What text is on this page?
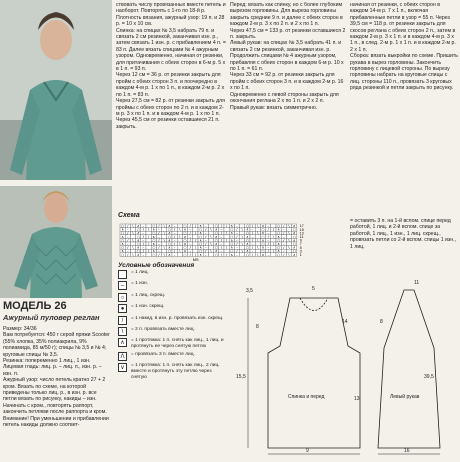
МОДЕЛЬ 26
Ажурный пуловер реглан
Размер: 34/36
Вам потребуется: 450 г серой пряжи Scooter (55% хлопка, 35% полиакрила, 9% полиамида, 85 м/50 г); спицы № 3,5 и № 4; круговые спицы № 3,5.
Резинка: попеременно 1 лиц., 1 изн.
Лицевая гладь: лиц. р. – лиц. п., изн. р. – изн. п.
Ажурный узор: число петель кратно 27 + 2 кром. Вязать по схеме, на которой приведены только лиц. р., в изн. р. все петли вязать по рисунку, накиды – изн. Начинать с кром., повторять раппорт, закончить петлями после раппорта и кром.
Внимание! При уменьшении и прибавлении петель накиды должно соответ-
ствовать числу провязанных вместе петель и наоборот. Повторять с 1-го по 18-й р.
Плотность вязания, ажурный узор: 19 п. и 28 р. = 10 х 10 см.
Спинка: на спицах № 3,5 набрать 79 п. и связать 2 см резинкой, заканчивая изн. р., затем связать 1 изн. р. с прибавлением 4 п. = 83 п. Далее вязать спицами № 4 ажурным узором. Одновременно, начиная от резинки, для притачивания с обеих сторон в 6-м р. 5 х в 1 п. = 93 п.
Через 12 см = 36 р. от резинки закрыть для пройм с обеих сторон 3 п. и поочередно в каждом 4-м р. 1 х по 1 п., в каждом 2-м р. 2 х по 1 п. = 83 п.
Через 27,5 см = 82 р. от резинки закрыть для проймы с обеих сторон по 2 п. и в каждом 2-м р. 3 х по 1 п. и в каждом 4-м р. 1 х по 1 п.
Через 45,5 см от резинки оставшиеся 21 п. закрыть.
Перед: вязать как спинку, но с более глубоким вырезом горловины. Для выреза горловины закрыть средние 9 п. и далее с обеих сторон в каждом 2-м р. 3 х по 2 п. и 2 х по 1 п.
Через 47,5 см = 133 р. от резинки оставшиеся 2 п. закрыть.
Левый рукав: на спицах № 3,5 набрать 41 п. и связать 2 см резинкой, заканчивая изн. р. Продолжить спицами № 4 ажурным узором, прибавляя с обеих сторон в каждом 6-м р. 10 х по 1 п. = 61 п.
Через 33 см = 92 р. от резинки закрыть для пройм с обеих сторон 3 п. и в каждом 2-м р. 16 х по 1 п.
Одновременно с левой стороны закрыть для окончания реглана 2 х по 1 п. и 2 х 2 п.
Правый рукав: вязать симметрично.
начиная от резинки, с обеих сторон в каждом 14-м р. 7 х 1 п., включая прибавленные петли в узор = 55 п. Через 39,5 см = 118 р. от резинки закрыть для скосов реглана с обеих сторон 2 п., затем в каждом 2-м р. 3 х 1 п. и в каждом 4-м р. 3 х 1 п., в след. 2-м р. 1 х 1 п. и в каждом 2-м р. 2 х 1 п.
Сборка: вязать выкройки по схеме. Пришить рукава в вырез горловины. Закончить горловину с лицевой стороны. По вырезу горловины набрать на круговые спицы с лиц. стороны 110 п., провязать 3 круговых ряда резинкой и петли закрыть по рисунку.
Схема
○ / \ ∧ – ○ / \ ∧ – ○ / \ ∧ – ○ / \ ∧ – ○ / \ ∧ – ○ / \ ∧
∧ – ○ / \ ∧ – ○ / \ ∧ – ○ / \ ∧ – ○ / \ ∧ – ○ / \ ∧ – ○
○ / \ ∧ – ○ / \ ∧ – ○ / \ ∧ – ○ / \ ∧ – ○ / \ ∧ – ○ / \ ∧
∧ – ○ / \ ∧ – ○ / \ ∧ – ○ / \ ∧ – ○ / \ ∧ – ○ / \ ∧ – ○
○ / \ ∧ – ○ / \ ∧ – ○ / \ ∧ – ○ / \ ∧ – ○ / \ ∧ – ○ / \ ∧
∧ – ○ / \ ∧ – ○ / \ ∧ – ○ / \ ∧ – ○ / \ ∧ – ○ / \ ∧ – ○
○ / \ ∧ – ○ / \ ∧ – ○ / \ ∧ – ○ / \ ∧ – ○ / \ ∧ – ○ / \ ∧
∧ – ○ / \ ∧ – ○ / \ ∧ – ○ / \ ∧ – ○ / \ ∧ – ○ / \ ∧ – ○
○ / \ ∧ – ○ / \ ∧ – ○ / \ ∧ – ○ / \ ∧ – ○ / \ ∧ – ○ / \ ∧
17
15
13
11
9
7
5
3
1
MS
Условные обозначения
= 1 лиц.
–	= 1 изн.
○	= 1 лиц. скрещ.
●	= 1 изн. скрещ.
/	= 1 накид, в изн. р. провязать изн. скрещ.
\	= 2 п. провязать вместе лиц.
∧	= 1 протяжка: 1 п. снять как лиц., 1 лиц. и протянуть ее через снятую петлю
Λ	= провязать 3 п. вместе лиц.
∨	= 1 протяжка: 1 п. снять как лиц., 2 лиц. вместе и протянуть эту петлю через снятую
= оставить 3 п. на 1-й вспом. спице перед работой, 1 лиц. и 2-й вспом. спице за работой, 1 лиц., 1 изн., 1 лиц. скрещ., провязать петли со 2-й вспом. спицы 1 изн., 1 лиц.
Спинка и перед	Левый рукав
5
14
8
13
9
15,5
3,5
8
39,5
16
11
